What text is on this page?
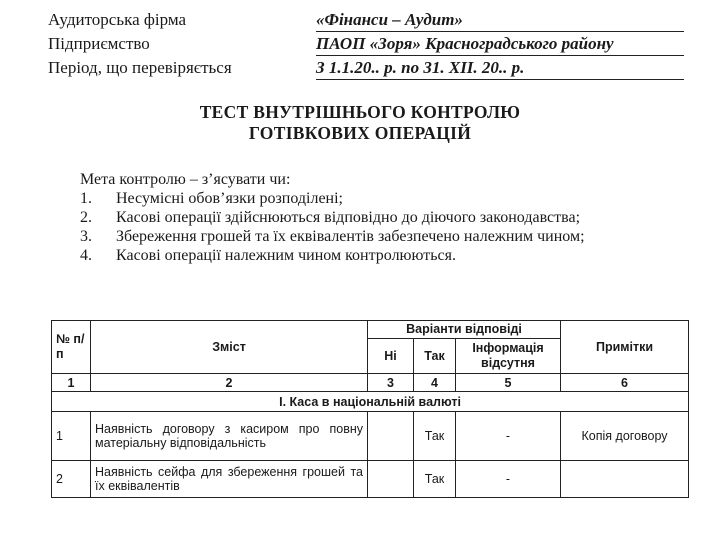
Аудиторська фірма	«Фінанси – Аудит»
Підприємство	ПАОП «Зоря» Красноградського району
Період, що перевіряється	З 1.1.20.. р. по 31. XII. 20.. р.
ТЕСТ ВНУТРІШНЬОГО КОНТРОЛЮ
ГОТІВКОВИХ ОПЕРАЦІЙ
Мета контролю – з’ясувати чи:
1. Несумісні обов’язки розподілені;
2. Касові операції здійснюються відповідно до діючого законодавства;
3. Збереження грошей та їх еквівалентів забезпечено належним чином;
4. Касові операції належним чином контролюються.
№ п/п	Зміст	Варіанти відповіді			Примітки
		Ні	Так	Інформація відсутня	
1	2	3	4	5	6
І. Каса в національній валюті					
1	Наявність договору з касиром про повну матеріальну відповідальність		Так	-	Копія договору
2	Наявність сейфа для збереження грошей та їх еквівалентів		Так	-	
